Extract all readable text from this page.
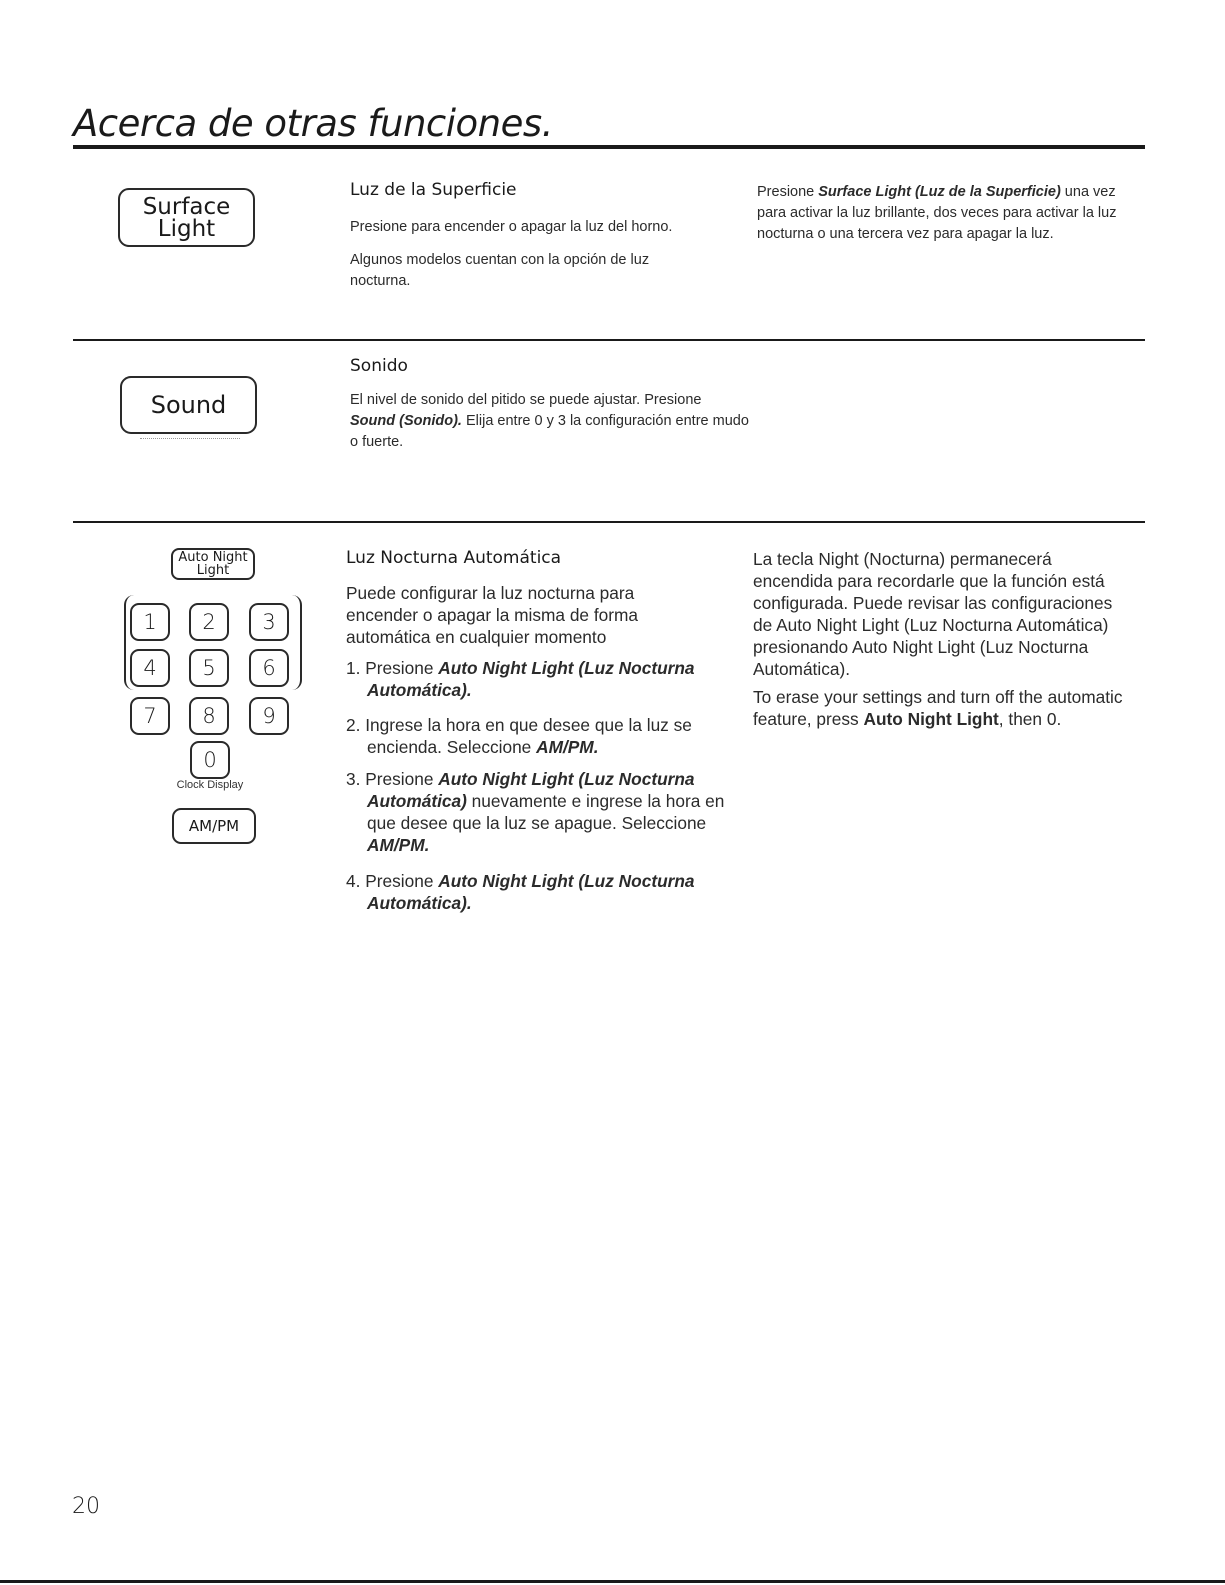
Acerca de otras funciones.
Surface
Light

Luz de la Superficie

Presione para encender o apagar la luz del horno.

Algunos modelos cuentan con la opción de luz nocturna.

Presione Surface Light (Luz de la Superficie) una vez para activar la luz brillante, dos veces para activar la luz nocturna o una tercera vez para apagar la luz.

Sound

Sonido

El nivel de sonido del pitido se puede ajustar. Presione Sound (Sonido). Elija entre 0 y 3 la configuración entre mudo o fuerte.

Auto Night
Light
1	2	3
4	5	6
7	8	9
0
Clock Display
AM/PM

Luz Nocturna Automática

Puede configurar la luz nocturna para encender o apagar la misma de forma automática en cualquier momento

1. Presione Auto Night Light (Luz Nocturna Automática).

2. Ingrese la hora en que desee que la luz se encienda. Seleccione AM/PM.

3. Presione Auto Night Light (Luz Nocturna Automática) nuevamente e ingrese la hora en que desee que la luz se apague. Seleccione AM/PM.

4. Presione Auto Night Light (Luz Nocturna Automática).

La tecla Night (Nocturna) permanecerá encendida para recordarle que la función está configurada. Puede revisar las configuraciones de Auto Night Light (Luz Nocturna Automática) presionando Auto Night Light (Luz Nocturna Automática).

To erase your settings and turn off the automatic feature, press Auto Night Light, then 0.

20
